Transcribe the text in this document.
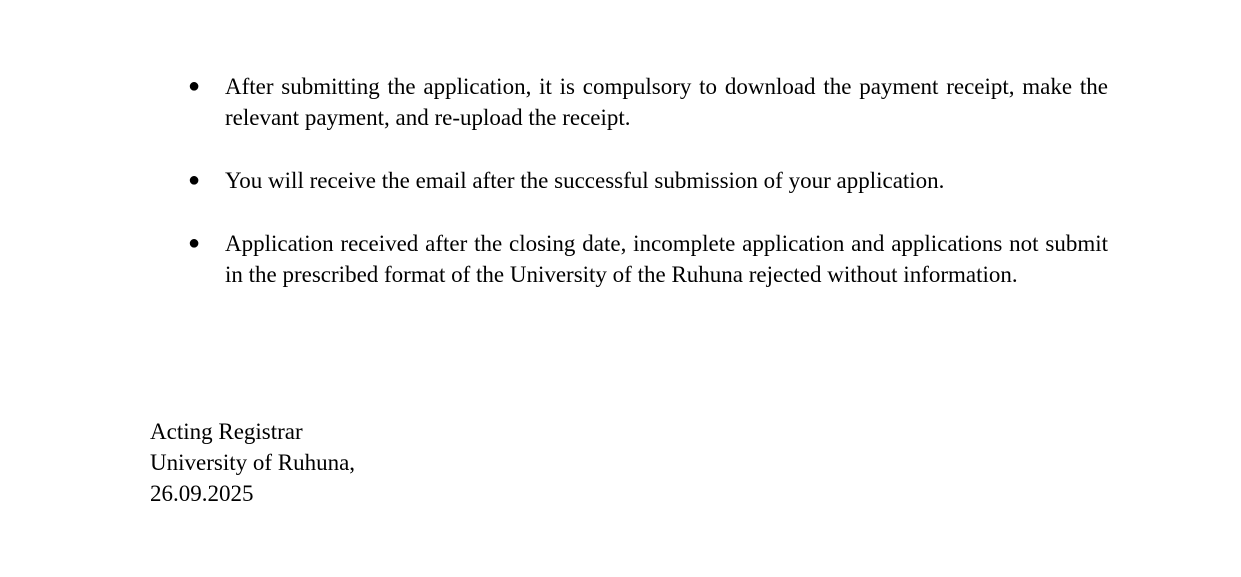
● After submitting the application, it is compulsory to download the payment receipt, make the relevant payment, and re-upload the receipt.
● You will receive the email after the successful submission of your application.
● Application received after the closing date, incomplete application and applications not submit in the prescribed format of the University of the Ruhuna rejected without information.
Acting Registrar
University of Ruhuna,
26.09.2025
